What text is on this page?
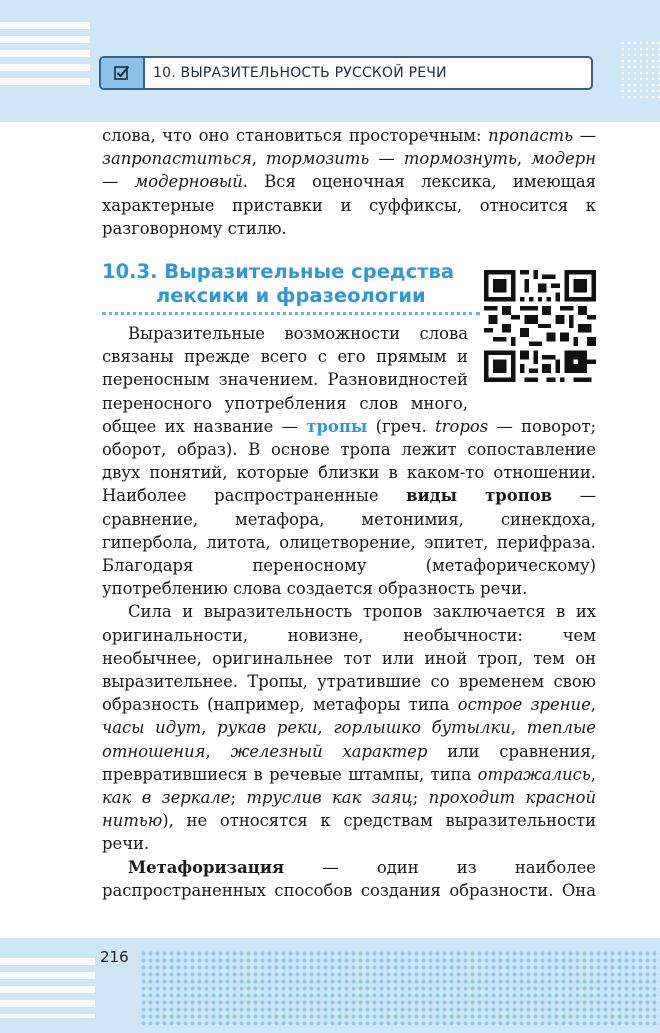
10. ВЫРАЗИТЕЛЬНОСТЬ РУССКОЙ РЕЧИ

слова, что оно становиться просторечным: пропасть — запропаститься, тормозить — тормознуть, модерн — модерновый. Вся оценочная лексика, имеющая характерные приставки и суффиксы, относится к разговорному стилю.

10.3. Выразительные средства
лексики и фразеологии

Выразительные возможности слова связаны прежде всего с его прямым и переносным значением. Разновидностей переносного употребления слов много, общее их название — тропы (греч. tropos — поворот; оборот, образ). В основе тропа лежит сопоставление двух понятий, которые близки в каком-то отношении. Наиболее распространенные виды тропов — сравнение, метафора, метонимия, синекдоха, гипербола, литота, олицетворение, эпитет, перифраза. Благодаря переносному (метафорическому) употреблению слова создается образность речи.

Сила и выразительность тропов заключается в их оригинальности, новизне, необычности: чем необычнее, оригинальнее тот или иной троп, тем он выразительнее. Тропы, утратившие со временем свою образность (например, метафоры типа острое зрение, часы идут, рукав реки, горлышко бутылки, теплые отношения, железный характер или сравнения, превратившиеся в речевые штампы, типа отражались, как в зеркале; труслив как заяц; проходит красной нитью), не относятся к средствам выразительности речи.

Метафоризация — один из наиболее распространенных способов создания образности. Она

216
